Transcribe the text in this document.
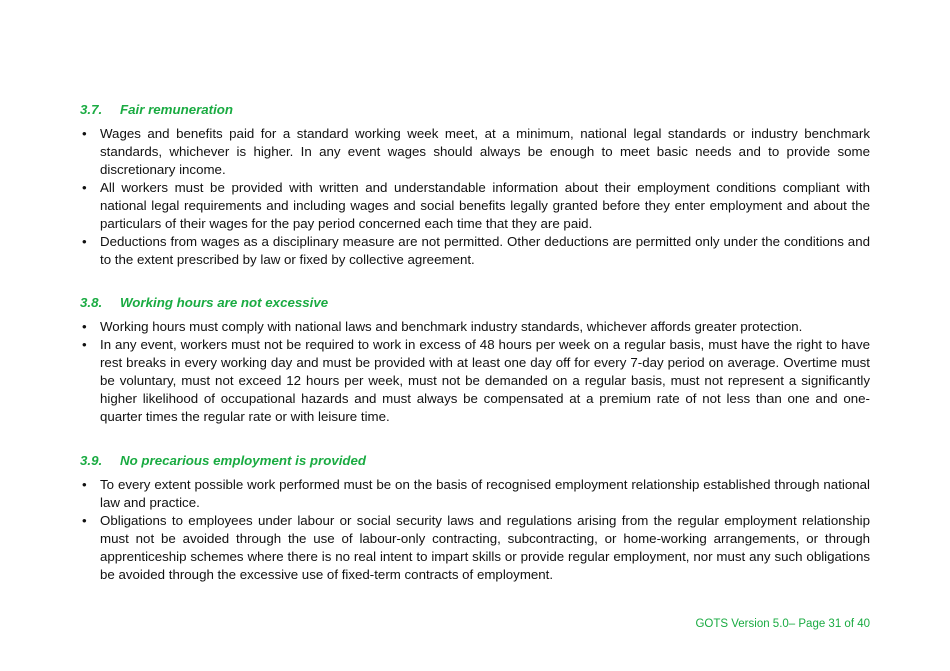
3.7. Fair remuneration
• Wages and benefits paid for a standard working week meet, at a minimum, national legal standards or industry benchmark standards, whichever is higher. In any event wages should always be enough to meet basic needs and to provide some discretionary income.
• All workers must be provided with written and understandable information about their employment conditions compliant with national legal requirements and including wages and social benefits legally granted before they enter employment and about the particulars of their wages for the pay period concerned each time that they are paid.
• Deductions from wages as a disciplinary measure are not permitted. Other deductions are permitted only under the conditions and to the extent prescribed by law or fixed by collective agreement.
3.8. Working hours are not excessive
• Working hours must comply with national laws and benchmark industry standards, whichever affords greater protection.
• In any event, workers must not be required to work in excess of 48 hours per week on a regular basis, must have the right to have rest breaks in every working day and must be provided with at least one day off for every 7-day period on average. Overtime must be voluntary, must not exceed 12 hours per week, must not be demanded on a regular basis, must not represent a significantly higher likelihood of occupational hazards and must always be compensated at a premium rate of not less than one and one-quarter times the regular rate or with leisure time.
3.9. No precarious employment is provided
• To every extent possible work performed must be on the basis of recognised employment relationship established through national law and practice.
• Obligations to employees under labour or social security laws and regulations arising from the regular employment relationship must not be avoided through the use of labour-only contracting, subcontracting, or home-working arrangements, or through apprenticeship schemes where there is no real intent to impart skills or provide regular employment, nor must any such obligations be avoided through the excessive use of fixed-term contracts of employment.
GOTS Version 5.0– Page 31 of 40
